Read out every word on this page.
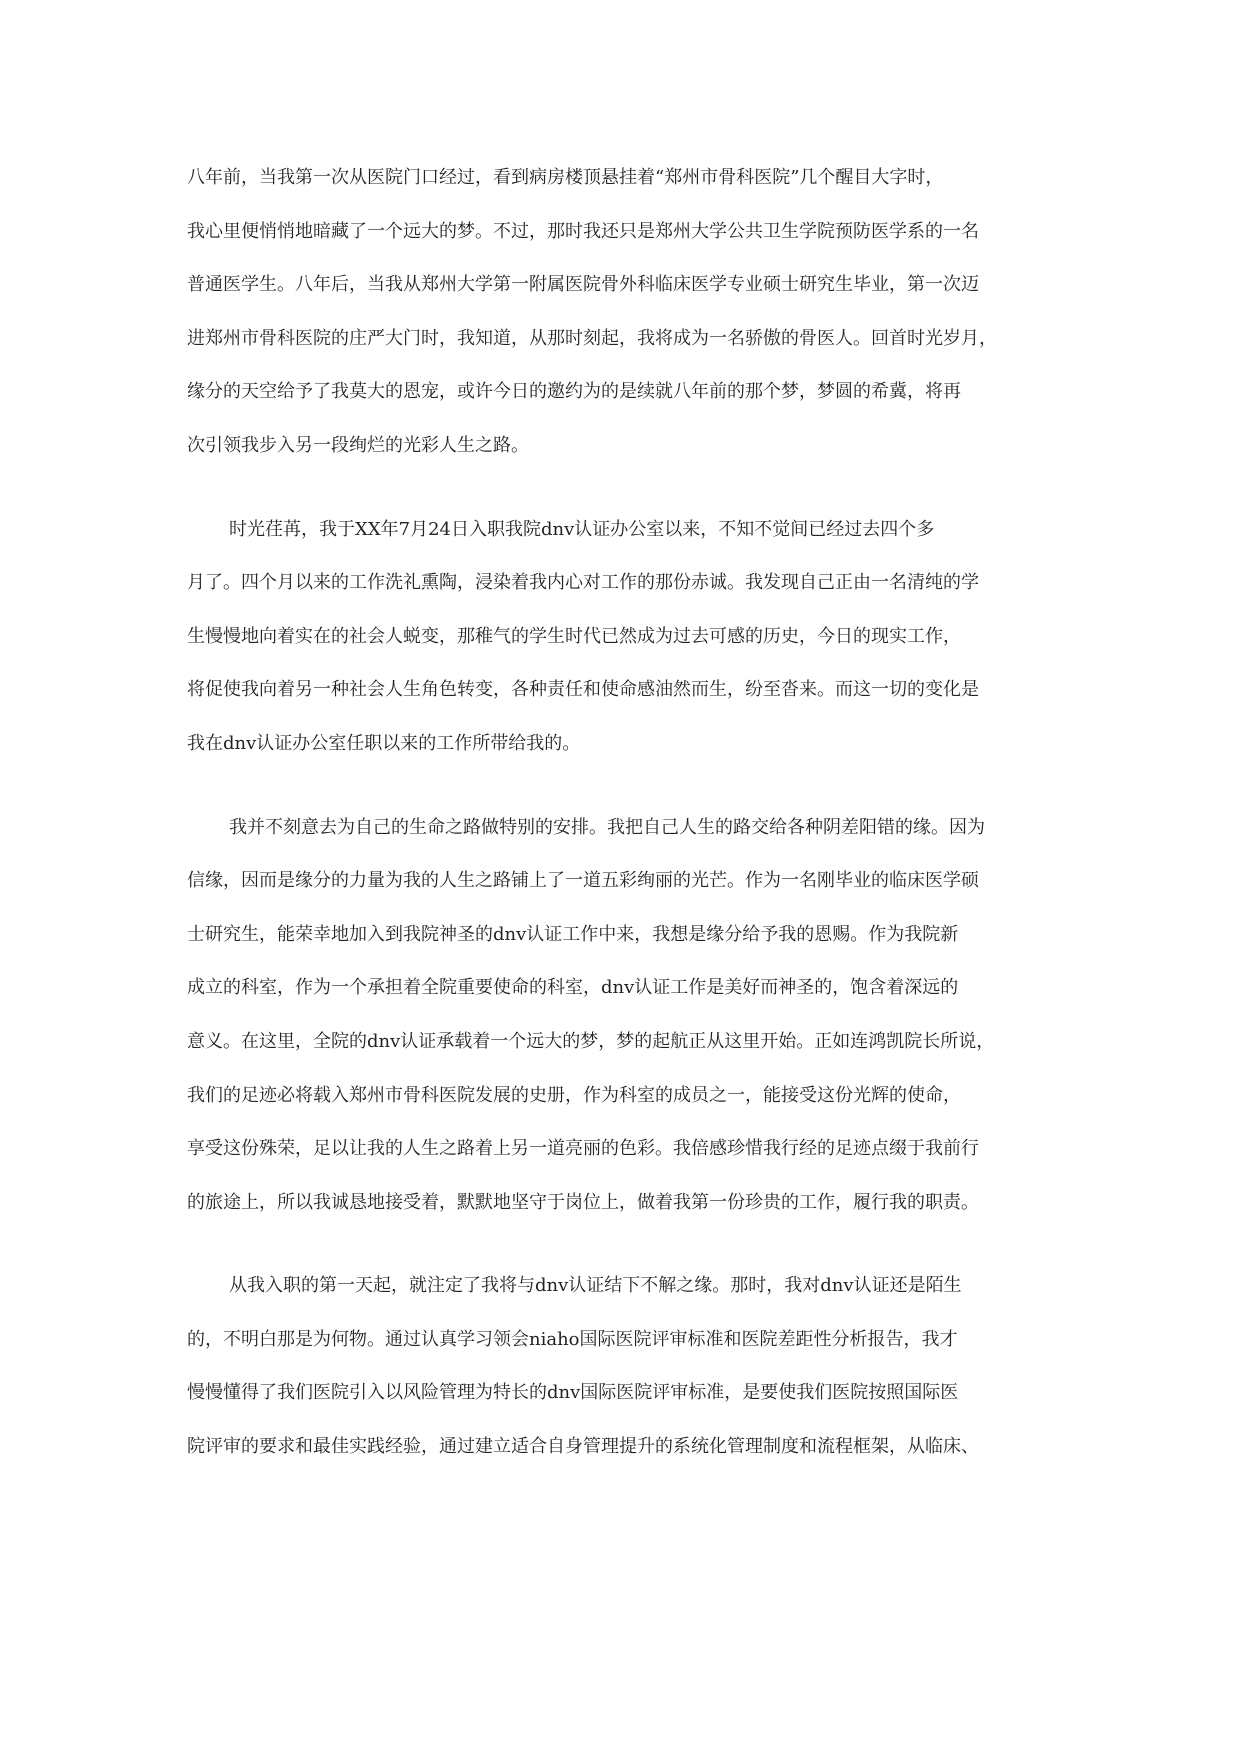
八年前，当我第一次从医院门口经过，看到病房楼顶悬挂着“郑州市骨科医院”几个醒目大字时，
我心里便悄悄地暗藏了一个远大的梦。不过，那时我还只是郑州大学公共卫生学院预防医学系的一名
普通医学生。八年后，当我从郑州大学第一附属医院骨外科临床医学专业硕士研究生毕业，第一次迈
进郑州市骨科医院的庄严大门时，我知道，从那时刻起，我将成为一名骄傲的骨医人。回首时光岁月，
缘分的天空给予了我莫大的恩宠，或许今日的邀约为的是续就八年前的那个梦，梦圆的希冀，将再
次引领我步入另一段绚烂的光彩人生之路。
时光荏苒，我于XX年7月24日入职我院dnv认证办公室以来，不知不觉间已经过去四个多
月了。四个月以来的工作洗礼熏陶，浸染着我内心对工作的那份赤诚。我发现自己正由一名清纯的学
生慢慢地向着实在的社会人蜕变，那稚气的学生时代已然成为过去可感的历史，今日的现实工作，
将促使我向着另一种社会人生角色转变，各种责任和使命感油然而生，纷至沓来。而这一切的变化是
我在dnv认证办公室任职以来的工作所带给我的。
我并不刻意去为自己的生命之路做特别的安排。我把自己人生的路交给各种阴差阳错的缘。因为
信缘，因而是缘分的力量为我的人生之路铺上了一道五彩绚丽的光芒。作为一名刚毕业的临床医学硕
士研究生，能荣幸地加入到我院神圣的dnv认证工作中来，我想是缘分给予我的恩赐。作为我院新
成立的科室，作为一个承担着全院重要使命的科室，dnv认证工作是美好而神圣的，饱含着深远的
意义。在这里，全院的dnv认证承载着一个远大的梦，梦的起航正从这里开始。正如连鸿凯院长所说，
我们的足迹必将载入郑州市骨科医院发展的史册，作为科室的成员之一，能接受这份光辉的使命，
享受这份殊荣，足以让我的人生之路着上另一道亮丽的色彩。我倍感珍惜我行经的足迹点缀于我前行
的旅途上，所以我诚恳地接受着，默默地坚守于岗位上，做着我第一份珍贵的工作，履行我的职责。
从我入职的第一天起，就注定了我将与dnv认证结下不解之缘。那时，我对dnv认证还是陌生
的，不明白那是为何物。通过认真学习领会niaho国际医院评审标准和医院差距性分析报告，我才
慢慢懂得了我们医院引入以风险管理为特长的dnv国际医院评审标准，是要使我们医院按照国际医
院评审的要求和最佳实践经验，通过建立适合自身管理提升的系统化管理制度和流程框架，从临床、
